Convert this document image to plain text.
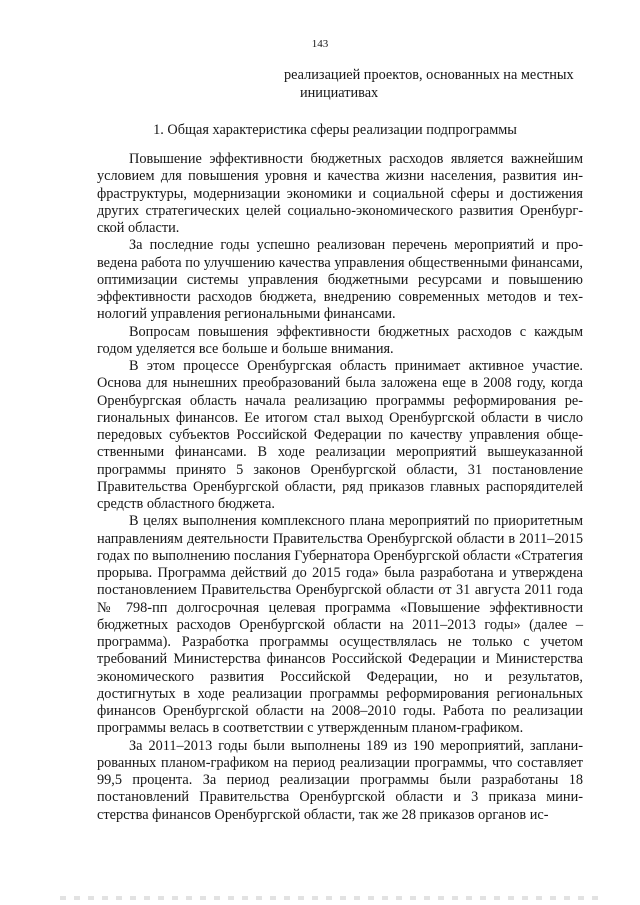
143
реализацией проектов, основанных на местных
инициативах
1. Общая характеристика сферы реализации подпрограммы

Повышение эффективности бюджетных расходов является важнейшим условием для повышения уровня и качества жизни населения, развития инфраструктуры, модернизации экономики и социальной сферы и достижения других стратегических целей социально-экономического развития Оренбургской области.

За последние годы успешно реализован перечень мероприятий и проведена работа по улучшению качества управления общественными финансами, оптимизации системы управления бюджетными ресурсами и повышению эффективности расходов бюджета, внедрению современных методов и технологий управления региональными финансами.

Вопросам повышения эффективности бюджетных расходов с каждым годом уделяется все больше и больше внимания.

В этом процессе Оренбургская область принимает активное участие. Основа для нынешних преобразований была заложена еще в 2008 году, когда Оренбургская область начала реализацию программы реформирования региональных финансов. Ее итогом стал выход Оренбургской области в число передовых субъектов Российской Федерации по качеству управления общественными финансами. В ходе реализации мероприятий вышеуказанной программы принято 5 законов Оренбургской области, 31 постановление Правительства Оренбургской области, ряд приказов главных распорядителей средств областного бюджета.

В целях выполнения комплексного плана мероприятий по приоритетным направлениям деятельности Правительства Оренбургской области в 2011–2015 годах по выполнению послания Губернатора Оренбургской области «Стратегия прорыва. Программа действий до 2015 года» была разработана и утверждена постановлением Правительства Оренбургской области от 31 августа 2011 года № 798-пп долгосрочная целевая программа «Повышение эффективности бюджетных расходов Оренбургской области на 2011–2013 годы» (далее – программа). Разработка программы осуществлялась не только с учетом требований Министерства финансов Российской Федерации и Министерства экономического развития Российской Федерации, но и результатов, достигнутых в ходе реализации программы реформирования региональных финансов Оренбургской области на 2008–2010 годы. Работа по реализации программы велась в соответствии с утвержденным планом-графиком.

За 2011–2013 годы были выполнены 189 из 190 мероприятий, запланированных планом-графиком на период реализации программы, что составляет 99,5 процента. За период реализации программы были разработаны 18 постановлений Правительства Оренбургской области и 3 приказа министерства финансов Оренбургской области, так же 28 приказов органов ис-
